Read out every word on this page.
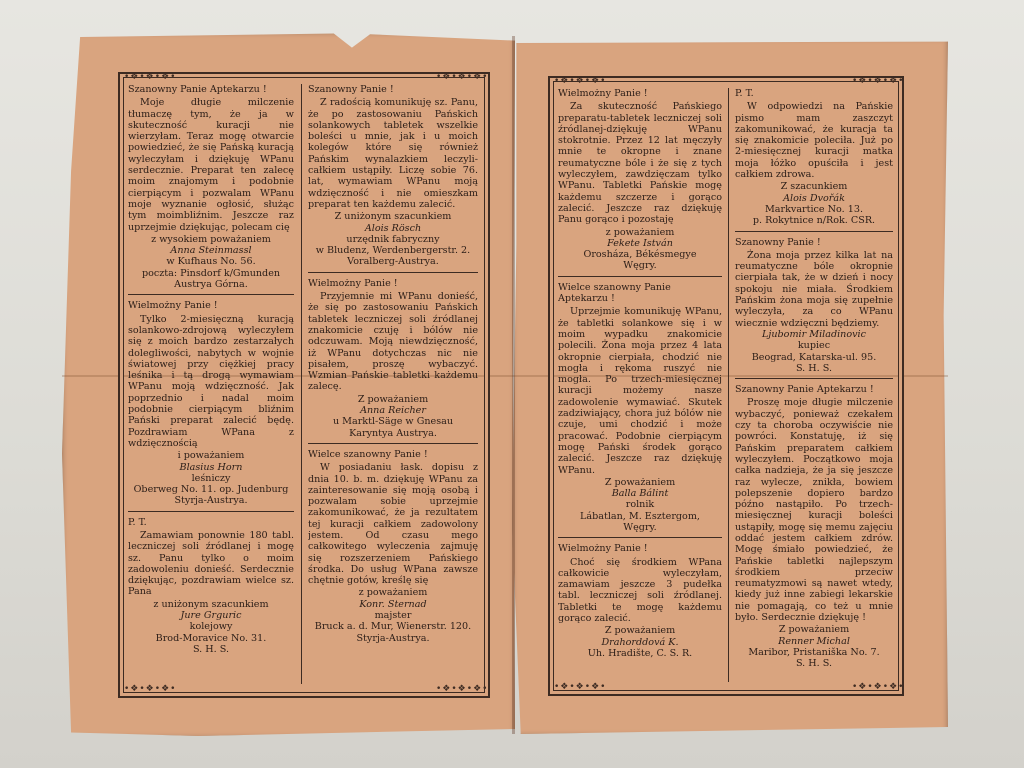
•❖•❖•❖•	•❖•❖•❖•
•❖•❖•❖•	•❖•❖•❖•
•❖•❖•❖•	•❖•❖•❖•
•❖•❖•❖•	•❖•❖•❖•

Szanowny Panie Aptekarzu !

Moje długie milczenie tłumaczę tym, że ja w skuteczność kuracji nie wierzyłam. Teraz mogę otwarcie powiedzieć, że się Pańską kuracją wyleczyłam i dziękuję WPanu serdecznie. Preparat ten zalecę moim znajomym i podobnie cierpiącym i pozwalam WPanu moje wyznanie ogłosić, służąc tym moimbliźnim. Jeszcze raz uprzejmie dziękując, polecam cię

z wysokiem poważaniem

Anna Steinmassl

w Kufhaus No. 56.

poczta: Pinsdorf k/Gmunden

Austrya Górna.

Wielmożny Panie !

Tylko 2-miesięczną kuracją solankowo-zdrojową wyleczyłem się z moich bardzo zestarzałych dolegliwości, nabytych w wojnie światowej przy ciężkiej pracy leśnika i tą drogą wymawiam WPanu moją wdzięczność. Jak poprzednio i nadal moim podobnie cierpiącym bliźnim Pański preparat zalecić będę. Pozdrawiam WPana z wdzięcznością

i poważaniem

Blasius Horn

leśniczy

Oberweg No. 11. op. Judenburg

Styrja-Austrya.

P. T.

Zamawiam ponownie 180 tabl. leczniczej soli źródlanej i mogę sz. Panu tylko o moim zadowoleniu donieść. Serdecznie dziękując, pozdrawiam wielce sz. Pana

z uniżonym szacunkiem

Jure Grguric

kolejowy

Brod-Moravice No. 31.

S. H. S.

Szanowny Panie !

Z radością komunikuję sz. Panu, że po zastosowaniu Pańskich solankowych tabletek wszelkie boleści u mnie, jak i u moich kolegów które się również Pańskim wynalazkiem leczyli-całkiem ustąpiły. Liczę sobie 76. lat, wymawiam WPanu moją wdzięczność i nie omieszkam preparat ten każdemu zalecić.

Z uniżonym szacunkiem

Alois Rösch

urzędnik fabryczny

w Bludenz, Werdenbergerstr. 2.

Voralberg-Austrya.

Wielmożny Panie !

Przyjemnie mi WPanu donieść, że się po zastosowaniu Pańskich tabletek leczniczej soli źródlanej znakomicie czuję i bólów nie odczuwam. Moją niewdzięczność, iż WPanu dotychczas nic nie pisałem, proszę wybaczyć. Wzmian Pańskie tabletki każdemu zalecę.

Z poważaniem

Anna Reicher

u Marktl-Säge w Gnesau

Karyntya Austrya.

Wielce szanowny Panie !

W posiadaniu łask. dopisu z dnia 10. b. m. dziękuję WPanu za zainteresowanie się moją osobą i pozwalam sobie uprzejmie zakomunikować, że ja rezultatem tej kuracji całkiem zadowolony jestem. Od czasu mego całkowitego wyleczenia zajmuję się rozszerzeniem Pańskiego środka. Do usług WPana zawsze chętnie gotów, kreślę się

z poważaniem

Konr. Sternad

majster

Bruck a. d. Mur, Wienerstr. 120.

Styrja-Austrya.

Wielmożny Panie !

Za skuteczność Pańskiego preparatu-tabletek leczniczej soli źródlanej-dziękuję WPanu stokrotnie. Przez 12 lat męczyły mnie te okropne i znane reumatyczne bóle i że się z tych wyleczyłem, zawdzięczam tylko WPanu. Tabletki Pańskie mogę każdemu szczerze i gorąco zalecić. Jeszcze raz dziękuję Panu gorąco i pozostaję

z poważaniem

Fekete István

Orosháza, Békésmegye

Węgry.

Wielce szanowny Panie Aptekarzu !

Uprzejmie komunikuję WPanu, że tabletki solankowe się i w moim wypadku znakomicie polecili. Żona moja przez 4 lata okropnie cierpiała, chodzić nie mogła i rękoma ruszyć nie mogła. Po trzech-miesięcznej kuracji możemy nasze zadowolenie wymawiać. Skutek zadziwiający, chora już bólów nie czuje, umi chodzić i może pracować. Podobnie cierpiącym mogę Pański środek gorąco zalecić. Jeszcze raz dziękuję WPanu.

Z poważaniem

Balla Bálint

rolnik

Lábatlan, M. Esztergom,

Węgry.

Wielmożny Panie !

Choć się środkiem WPana całkowicie wyleczyłam, zamawiam jeszcze 3 pudełka tabl. leczniczej soli źródlanej. Tabletki te mogę każdemu gorąco zalecić.

Z poważaniem

Drahorddová K.

Uh. Hradište, C. S. R.

P. T.

W odpowiedzi na Pańskie pismo mam zaszczyt zakomunikować, że kuracja ta się znakomicie poleciła. Już po 2-miesięcznej kuracji matka moja łóżko opuściła i jest całkiem zdrowa.

Z szacunkiem

Alois Dvořák

Markvartice No. 13.

p. Rokytnice n/Rok. CSR.

Szanowny Panie !

Żona moja przez kilka lat na reumatyczne bóle okropnie cierpiała tak, że w dzień i nocy spokoju nie miała. Środkiem Pańskim żona moja się zupełnie wyleczyła, za co WPanu wiecznie wdzięczni będziemy.

Ljubomir Miladinovic

kupiec

Beograd, Katarska-ul. 95.

S. H. S.

Szanowny Panie Aptekarzu !

Proszę moje długie milczenie wybaczyć, ponieważ czekałem czy ta choroba oczywiście nie powróci. Konstatuję, iż się Pańskim preparatem całkiem wyleczyłem. Początkowo moja całka nadzieja, że ja się jeszcze raz wylecze, znikła, bowiem polepszenie dopiero bardzo późno nastąpiło. Po trzech-miesięcznej kuracji boleści ustąpiły, mogę się memu zajęciu oddać jestem całkiem zdrów. Mogę śmiało powiedzieć, że Pańskie tabletki najlepszym środkiem przeciw reumatyzmowi są nawet wtedy, kiedy już inne zabiegi lekarskie nie pomagają, co też u mnie było. Serdecznie dziękuję !

Z poważaniem

Renner Michal

Maribor, Pristaniška No. 7.

S. H. S.
